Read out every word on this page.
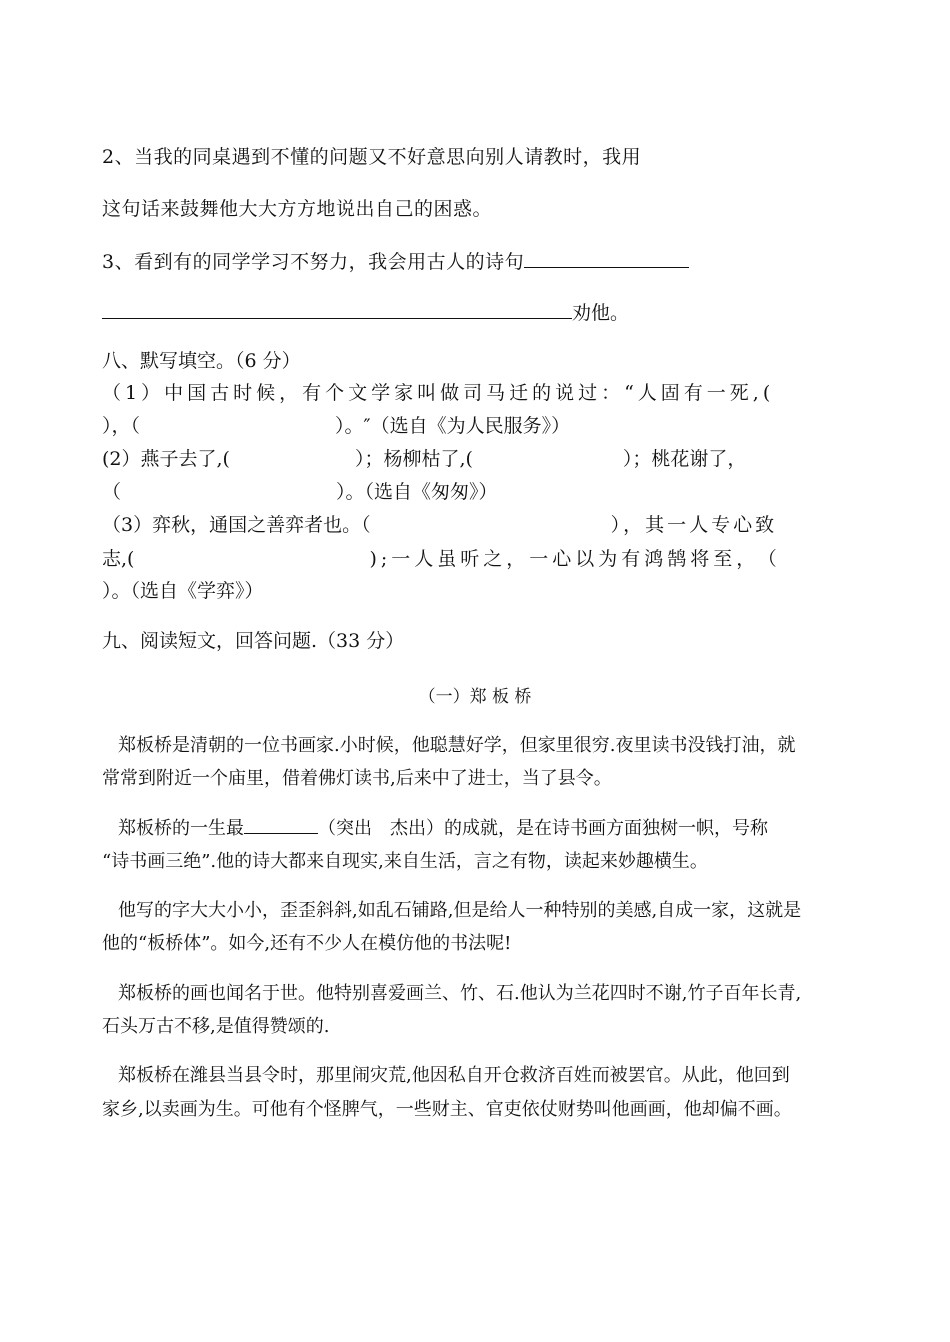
2、当我的同桌遇到不懂的问题又不好意思向别人请教时，我用
这句话来鼓舞他大大方方地说出自己的困惑。
3、看到有的同学学习不努力，我会用古人的诗句
劝他。
八、默写填空。（6 分）
（1）中国古时候，有个文学家叫做司马迁的说过：“人固有一死,(
），（	）。″（选自《为人民服务》）
(2）燕子去了,(	）；杨柳枯了,(	）；桃花谢了，
（	）。（选自《匆匆》）
（3）弈秋，通国之善弈者也。（	），其一人专心致
志,(	);一人虽听之，一心以为有鸿鹄将至， （
）。（选自《学弈》）
九、阅读短文，回答问题.（33 分）
（一）郑 板 桥
郑板桥是清朝的一位书画家.小时候，他聪慧好学，但家里很穷.夜里读书没钱打油，就
常常到附近一个庙里，借着佛灯读书,后来中了进士，当了县令。
郑板桥的一生最	（突出　杰出）的成就，是在诗书画方面独树一帜，号称
“诗书画三绝”.他的诗大都来自现实,来自生活，言之有物，读起来妙趣横生。
他写的字大大小小，歪歪斜斜,如乱石铺路,但是给人一种特别的美感,自成一家，这就是
他的“板桥体”。如今,还有不少人在模仿他的书法呢!
郑板桥的画也闻名于世。他特别喜爱画兰、竹、石.他认为兰花四时不谢,竹子百年长青,
石头万古不移,是值得赞颂的.
郑板桥在潍县当县令时，那里闹灾荒,他因私自开仓救济百姓而被罢官。从此，他回到
家乡,以卖画为生。可他有个怪脾气，一些财主、官吏依仗财势叫他画画，他却偏不画。
